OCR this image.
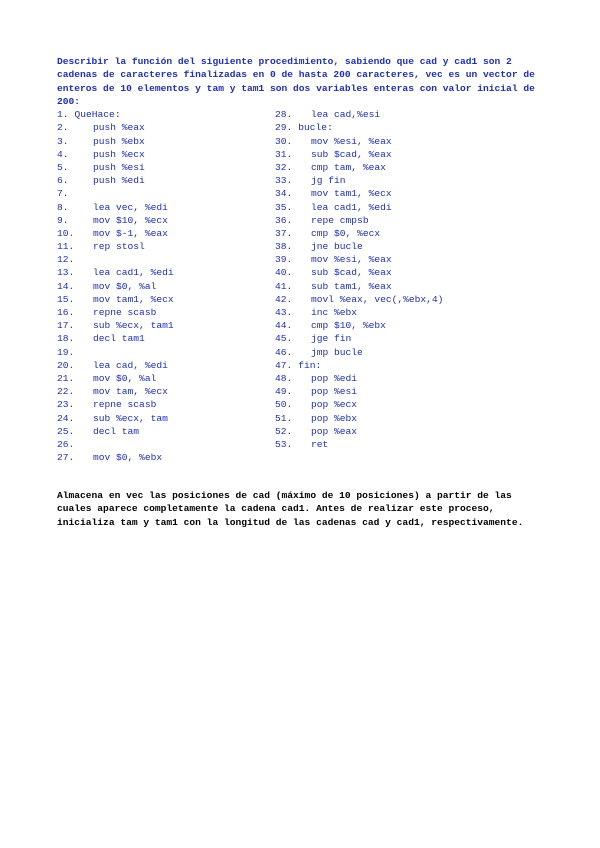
Describir la función del siguiente procedimiento, sabiendo que cad y cad1 son 2 cadenas de caracteres finalizadas en 0 de hasta 200 caracteres, vec es un vector de enteros de 10 elementos y tam y tam1 son dos variables enteras con valor inicial de 200:

1. QueHace:
2.	push %eax
3.	push %ebx
4.	push %ecx
5.	push %esi
6.	push %edi
7.
8.	lea vec, %edi
9.	mov $10, %ecx
10.	mov $-1, %eax
11.	rep stosl
12.
13.	lea cad1, %edi
14.	mov $0, %al
15.	mov tam1, %ecx
16.	repne scasb
17.	sub %ecx, tam1
18.	decl tam1
19.
20.	lea cad, %edi
21.	mov $0, %al
22.	mov tam, %ecx
23.	repne scasb
24.	sub %ecx, tam
25.	decl tam
26.
27.	mov $0, %ebx
28.	lea cad,%esi
29. bucle:
30.	mov %esi, %eax
31.	sub $cad, %eax
32.	cmp tam, %eax
33.	jg fin
34.	mov tam1, %ecx
35.	lea cad1, %edi
36.	repe cmpsb
37.	cmp $0, %ecx
38.	jne bucle
39.	mov %esi, %eax
40.	sub $cad, %eax
41.	sub tam1, %eax
42.	movl %eax, vec(,%ebx,4)
43.	inc %ebx
44.	cmp $10, %ebx
45.	jge fin
46.	jmp bucle
47. fin:
48.	pop %edi
49.	pop %esi
50.	pop %ecx
51.	pop %ebx
52.	pop %eax
53.	ret

Almacena en vec las posiciones de cad (máximo de 10 posiciones) a partir de las cuales aparece completamente la cadena cad1. Antes de realizar este proceso, inicializa tam y tam1 con la longitud de las cadenas cad y cad1, respectivamente.
